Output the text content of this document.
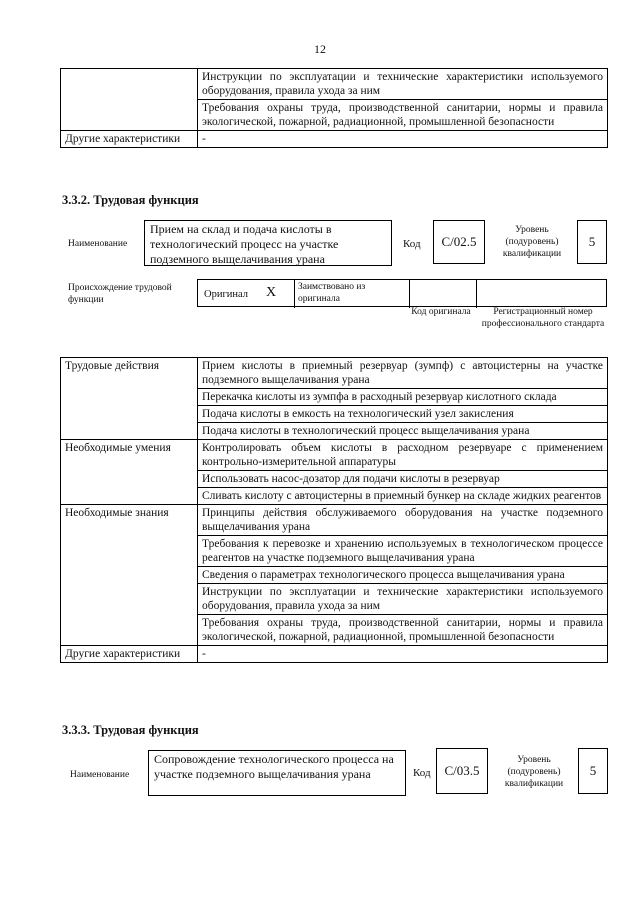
12
	Инструкции по эксплуатации и технические характеристики используемого оборудования, правила ухода за ним
	Требования охраны труда, производственной санитарии, нормы и правила экологической, пожарной, радиационной, промышленной безопасности
Другие характеристики	-
3.3.2. Трудовая функция
Наименование
Прием на склад и подача кислоты в технологический процесс на участке подземного выщелачивания урана
Код	C/02.5
Уровень (подуровень) квалификации
5
Происхождение трудовой функции	Оригинал X Заимствовано из оригинала
Код оригинала	Регистрационный номер профессионального стандарта
Трудовые действия	Прием кислоты в приемный резервуар (зумпф) с автоцистерны на участке подземного выщелачивания урана
	Перекачка кислоты из зумпфа в расходный резервуар кислотного склада
	Подача кислоты в емкость на технологический узел закисления
	Подача кислоты в технологический процесс выщелачивания урана
Необходимые умения	Контролировать объем кислоты в расходном резервуаре с применением контрольно-измерительной аппаратуры
	Использовать насос-дозатор для подачи кислоты в резервуар
	Сливать кислоту с автоцистерны в приемный бункер на складе жидких реагентов
Необходимые знания	Принципы действия обслуживаемого оборудования на участке подземного выщелачивания урана
	Требования к перевозке и хранению используемых в технологическом процессе реагентов на участке подземного выщелачивания урана
	Сведения о параметрах технологического процесса выщелачивания урана
	Инструкции по эксплуатации и технические характеристики используемого оборудования, правила ухода за ним
	Требования охраны труда, производственной санитарии, нормы и правила экологической, пожарной, радиационной, промышленной безопасности
Другие характеристики	-
3.3.3. Трудовая функция
Наименование
Сопровождение технологического процесса на участке подземного выщелачивания урана	Код	C/03.5
Уровень (подуровень) квалификации
5
